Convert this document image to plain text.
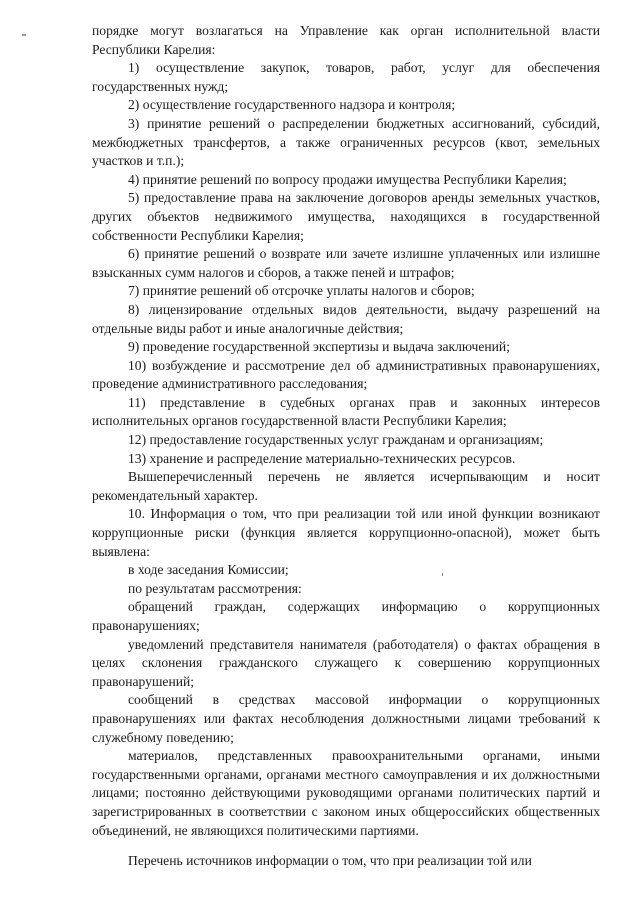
порядке могут возлагаться на Управление как орган исполнительной власти Республики Карелия:

1) осуществление закупок, товаров, работ, услуг для обеспечения государственных нужд;

2) осуществление государственного надзора и контроля;

3) принятие решений о распределении бюджетных ассигнований, субсидий, межбюджетных трансфертов, а также ограниченных ресурсов (квот, земельных участков и т.п.);

4) принятие решений по вопросу продажи имущества Республики Карелия;

5) предоставление права на заключение договоров аренды земельных участков, других объектов недвижимого имущества, находящихся в государственной собственности Республики Карелия;

6) принятие решений о возврате или зачете излишне уплаченных или излишне взысканных сумм налогов и сборов, а также пеней и штрафов;

7) принятие решений об отсрочке уплаты налогов и сборов;

8) лицензирование отдельных видов деятельности, выдачу разрешений на отдельные виды работ и иные аналогичные действия;

9) проведение государственной экспертизы и выдача заключений;

10) возбуждение и рассмотрение дел об административных правонарушениях, проведение административного расследования;

11) представление в судебных органах прав и законных интересов исполнительных органов государственной власти Республики Карелия;

12) предоставление государственных услуг гражданам и организациям;

13) хранение и распределение материально-технических ресурсов.

Вышеперечисленный перечень не является исчерпывающим и носит рекомендательный характер.

10. Информация о том, что при реализации той или иной функции возникают коррупционные риски (функция является коррупционно-опасной), может быть выявлена:

в ходе заседания Комиссии;

по результатам рассмотрения:

обращений граждан, содержащих информацию о коррупционных правонарушениях;

уведомлений представителя нанимателя (работодателя) о фактах обращения в целях склонения гражданского служащего к совершению коррупционных правонарушений;

сообщений в средствах массовой информации о коррупционных правонарушениях или фактах несоблюдения должностными лицами требований к служебному поведению;

материалов, представленных правоохранительными органами, иными государственными органами, органами местного самоуправления и их должностными лицами; постоянно действующими руководящими органами политических партий и зарегистрированных в соответствии с законом иных общероссийских общественных объединений, не являющихся политическими партиями.

Перечень источников информации о том, что при реализации той или
